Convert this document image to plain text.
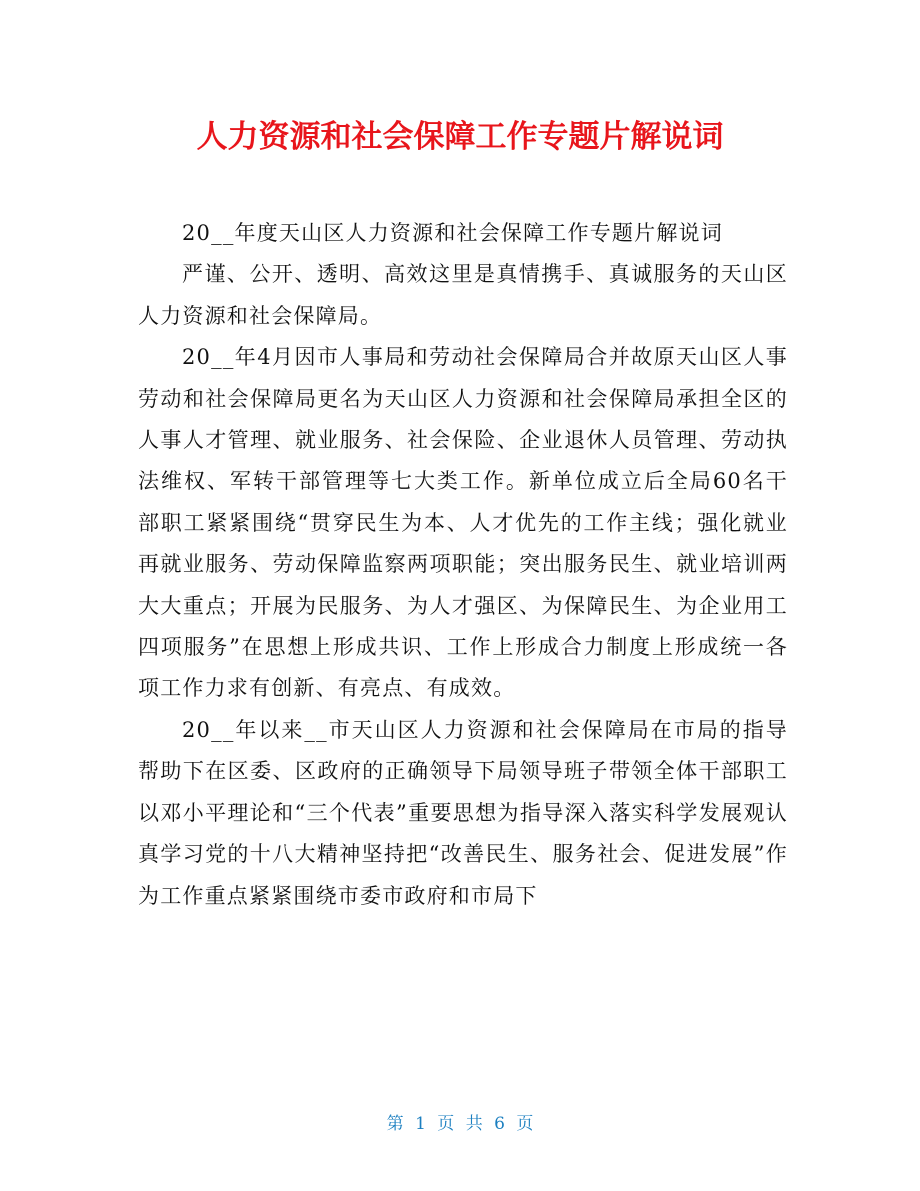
人力资源和社会保障工作专题片解说词

20__年度天山区人力资源和社会保障工作专题片解说词

严谨、公开、透明、高效这里是真情携手、真诚服务的天山区人力资源和社会保障局。

20__年4月因市人事局和劳动社会保障局合并故原天山区人事劳动和社会保障局更名为天山区人力资源和社会保障局承担全区的人事人才管理、就业服务、社会保险、企业退休人员管理、劳动执法维权、军转干部管理等七大类工作。新单位成立后全局60名干部职工紧紧围绕“贯穿民生为本、人才优先的工作主线；强化就业再就业服务、劳动保障监察两项职能；突出服务民生、就业培训两大大重点；开展为民服务、为人才强区、为保障民生、为企业用工四项服务”在思想上形成共识、工作上形成合力制度上形成统一各项工作力求有创新、有亮点、有成效。

20__年以来__市天山区人力资源和社会保障局在市局的指导帮助下在区委、区政府的正确领导下局领导班子带领全体干部职工以邓小平理论和“三个代表”重要思想为指导深入落实科学发展观认真学习党的十八大精神坚持把“改善民生、服务社会、促进发展”作为工作重点紧紧围绕市委市政府和市局下

第 1 页 共 6 页
